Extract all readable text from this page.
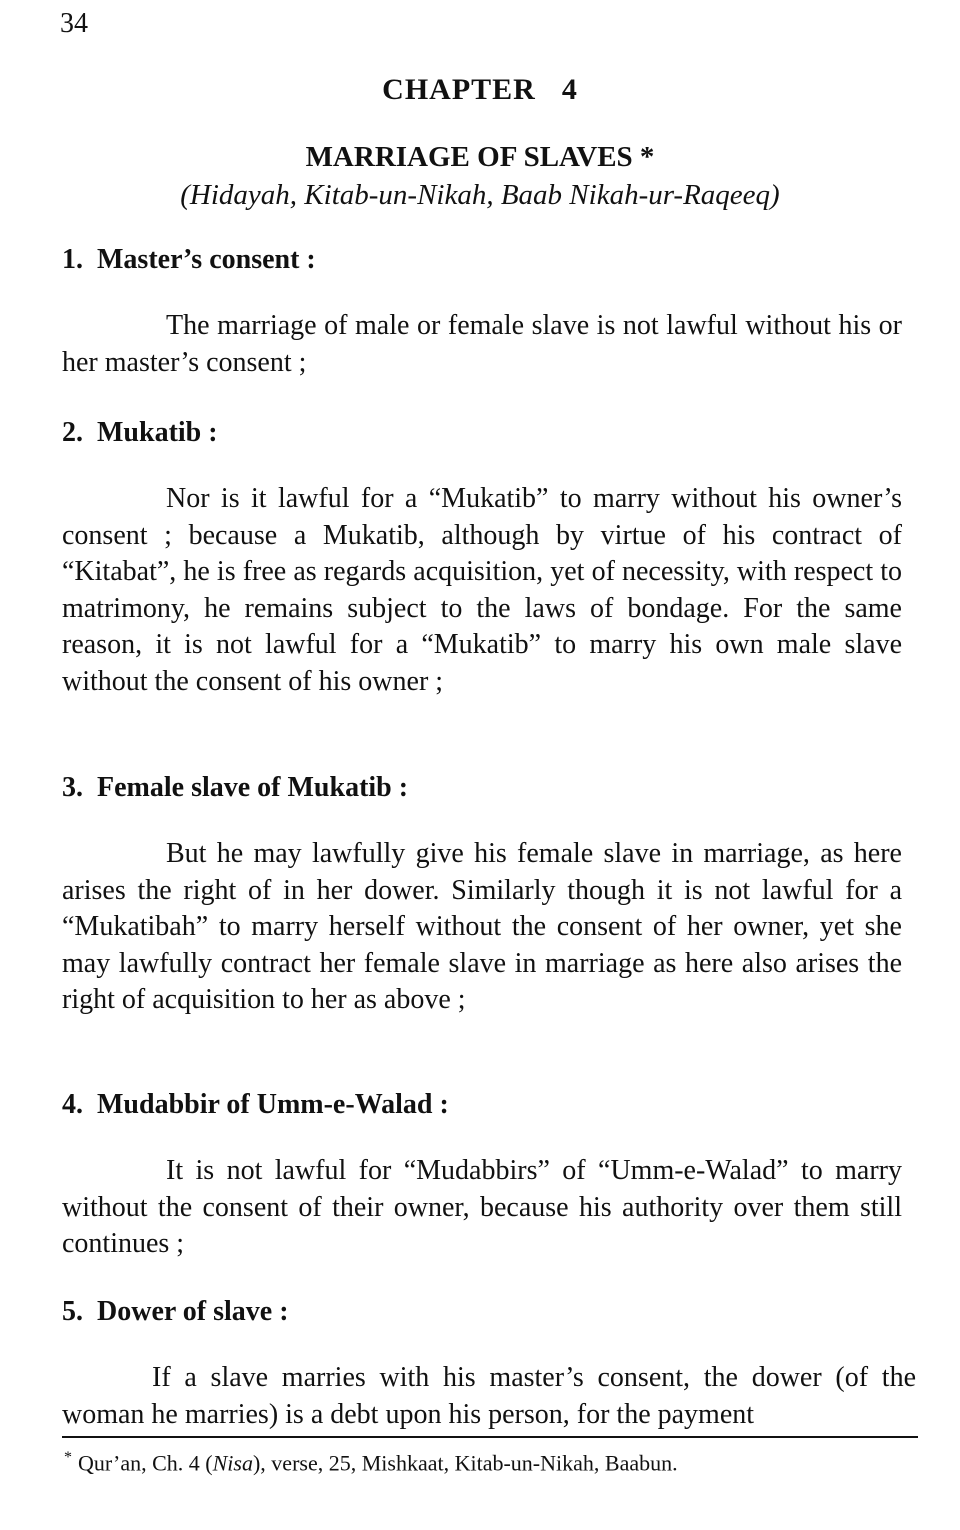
34
CHAPTER 4
MARRIAGE OF SLAVES *
(Hidayah, Kitab-un-Nikah, Baab Nikah-ur-Raqeeq)

1. Master’s consent :

The marriage of male or female slave is not lawful without his or her master’s consent ;

2. Mukatib :

Nor is it lawful for a “Mukatib” to marry without his owner’s consent ; because a Mukatib, although by virtue of his contract of “Kitabat”, he is free as regards acquisition, yet of necessity, with respect to matrimony, he remains subject to the laws of bondage. For the same reason, it is not lawful for a “Mukatib” to marry his own male slave without the consent of his owner ;

3. Female slave of Mukatib :

But he may lawfully give his female slave in marriage, as here arises the right of in her dower. Similarly though it is not lawful for a “Mukatibah” to marry herself without the consent of her owner, yet she may lawfully contract her female slave in marriage as here also arises the right of acquisition to her as above ;

4. Mudabbir of Umm-e-Walad :

It is not lawful for “Mudabbirs” of “Umm-e-Walad” to marry without the consent of their owner, because his authority over them still continues ;

5. Dower of slave :

If a slave marries with his master’s consent, the dower (of the woman he marries) is a debt upon his person, for the payment

* Qur’an, Ch. 4 (Nisa), verse, 25, Mishkaat, Kitab-un-Nikah, Baabun.
